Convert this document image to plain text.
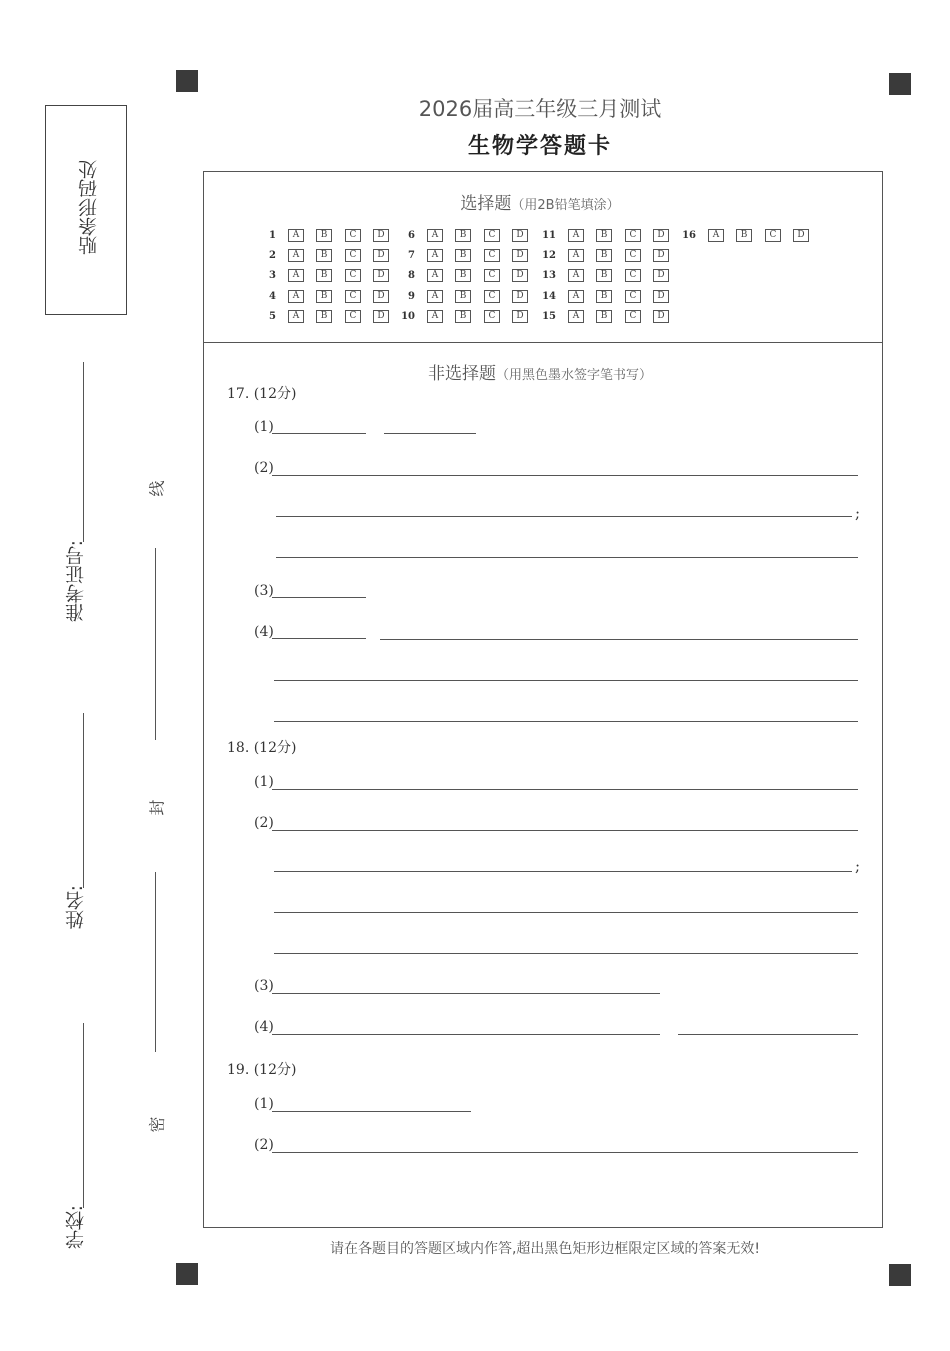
贴条形码处
准考证号:
姓名:
学校:
线
封
密
2026届高三年级三月测试
生物学答题卡
选择题（用2B铅笔填涂）
1	A	B	C	D
2	A	B	C	D
3	A	B	C	D
4	A	B	C	D
5	A	B	C	D
6	A	B	C	D
7	A	B	C	D
8	A	B	C	D
9	A	B	C	D
10	A	B	C	D
11	A	B	C	D
12	A	B	C	D
13	A	B	C	D
14	A	B	C	D
15	A	B	C	D
16	A	B	C	D
非选择题（用黑色墨水签字笔书写）
17. (12分)
(1)
(2)
;
(3)
(4)
18. (12分)
(1)
(2)
;
(3)
(4)
19. (12分)
(1)
(2)
请在各题目的答题区域内作答,超出黑色矩形边框限定区域的答案无效!
